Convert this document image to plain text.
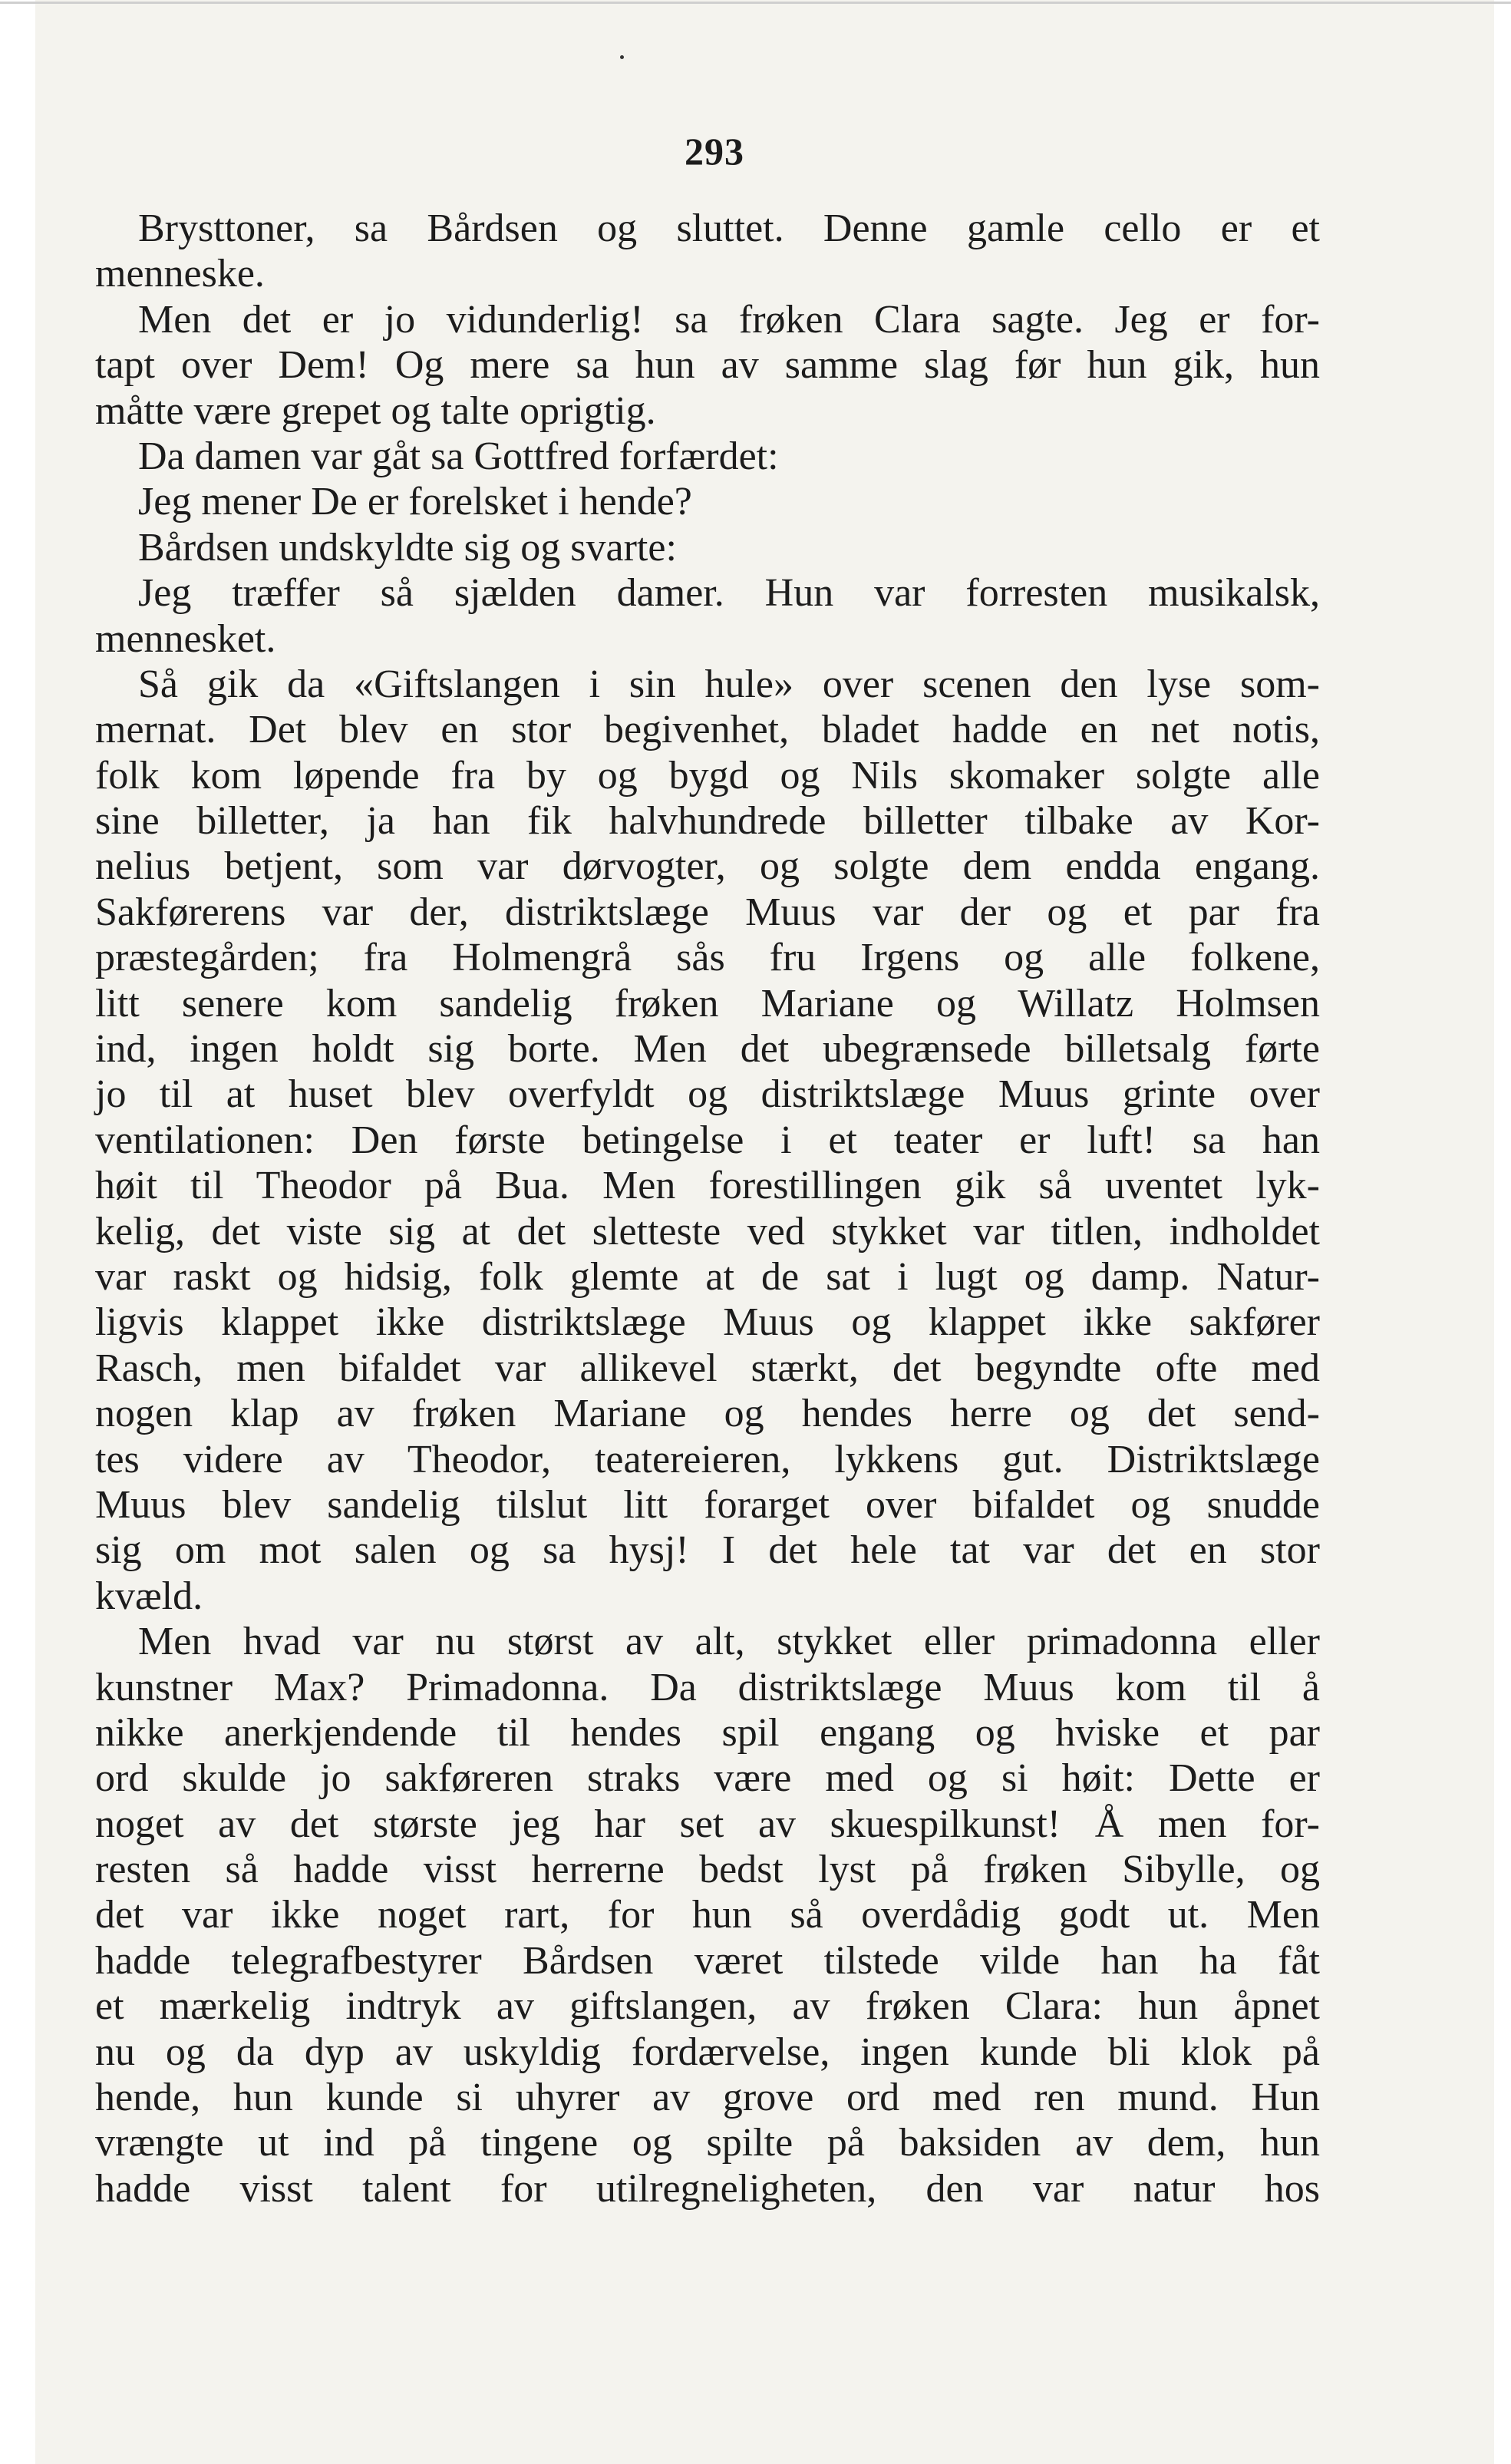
293
Brysttoner, sa Bårdsen og sluttet. Denne gamle cello er et
menneske.
Men det er jo vidunderlig! sa frøken Clara sagte. Jeg er for-
tapt over Dem! Og mere sa hun av samme slag før hun gik, hun
måtte være grepet og talte oprigtig.
Da damen var gåt sa Gottfred forfærdet:
Jeg mener De er forelsket i hende?
Bårdsen undskyldte sig og svarte:
Jeg træffer så sjælden damer. Hun var forresten musikalsk,
mennesket.
Så gik da «Giftslangen i sin hule» over scenen den lyse som-
mernat. Det blev en stor begivenhet, bladet hadde en net notis,
folk kom løpende fra by og bygd og Nils skomaker solgte alle
sine billetter, ja han fik halvhundrede billetter tilbake av Kor-
nelius betjent, som var dørvogter, og solgte dem endda engang.
Sakførerens var der, distriktslæge Muus var der og et par fra
præstegården; fra Holmengrå sås fru Irgens og alle folkene,
litt senere kom sandelig frøken Mariane og Willatz Holmsen
ind, ingen holdt sig borte. Men det ubegrænsede billetsalg førte
jo til at huset blev overfyldt og distriktslæge Muus grinte over
ventilationen: Den første betingelse i et teater er luft! sa han
høit til Theodor på Bua. Men forestillingen gik så uventet lyk-
kelig, det viste sig at det sletteste ved stykket var titlen, indholdet
var raskt og hidsig, folk glemte at de sat i lugt og damp. Natur-
ligvis klappet ikke distriktslæge Muus og klappet ikke sakfører
Rasch, men bifaldet var allikevel stærkt, det begyndte ofte med
nogen klap av frøken Mariane og hendes herre og det send-
tes videre av Theodor, teatereieren, lykkens gut. Distriktslæge
Muus blev sandelig tilslut litt forarget over bifaldet og snudde
sig om mot salen og sa hysj! I det hele tat var det en stor
kvæld.
Men hvad var nu størst av alt, stykket eller primadonna eller
kunstner Max? Primadonna. Da distriktslæge Muus kom til å
nikke anerkjendende til hendes spil engang og hviske et par
ord skulde jo sakføreren straks være med og si høit: Dette er
noget av det største jeg har set av skuespilkunst! Å men for-
resten så hadde visst herrerne bedst lyst på frøken Sibylle, og
det var ikke noget rart, for hun så overdådig godt ut. Men
hadde telegrafbestyrer Bårdsen været tilstede vilde han ha fåt
et mærkelig indtryk av giftslangen, av frøken Clara: hun åpnet
nu og da dyp av uskyldig fordærvelse, ingen kunde bli klok på
hende, hun kunde si uhyrer av grove ord med ren mund. Hun
vrængte ut ind på tingene og spilte på baksiden av dem, hun
hadde visst talent for utilregneligheten, den var natur hos
